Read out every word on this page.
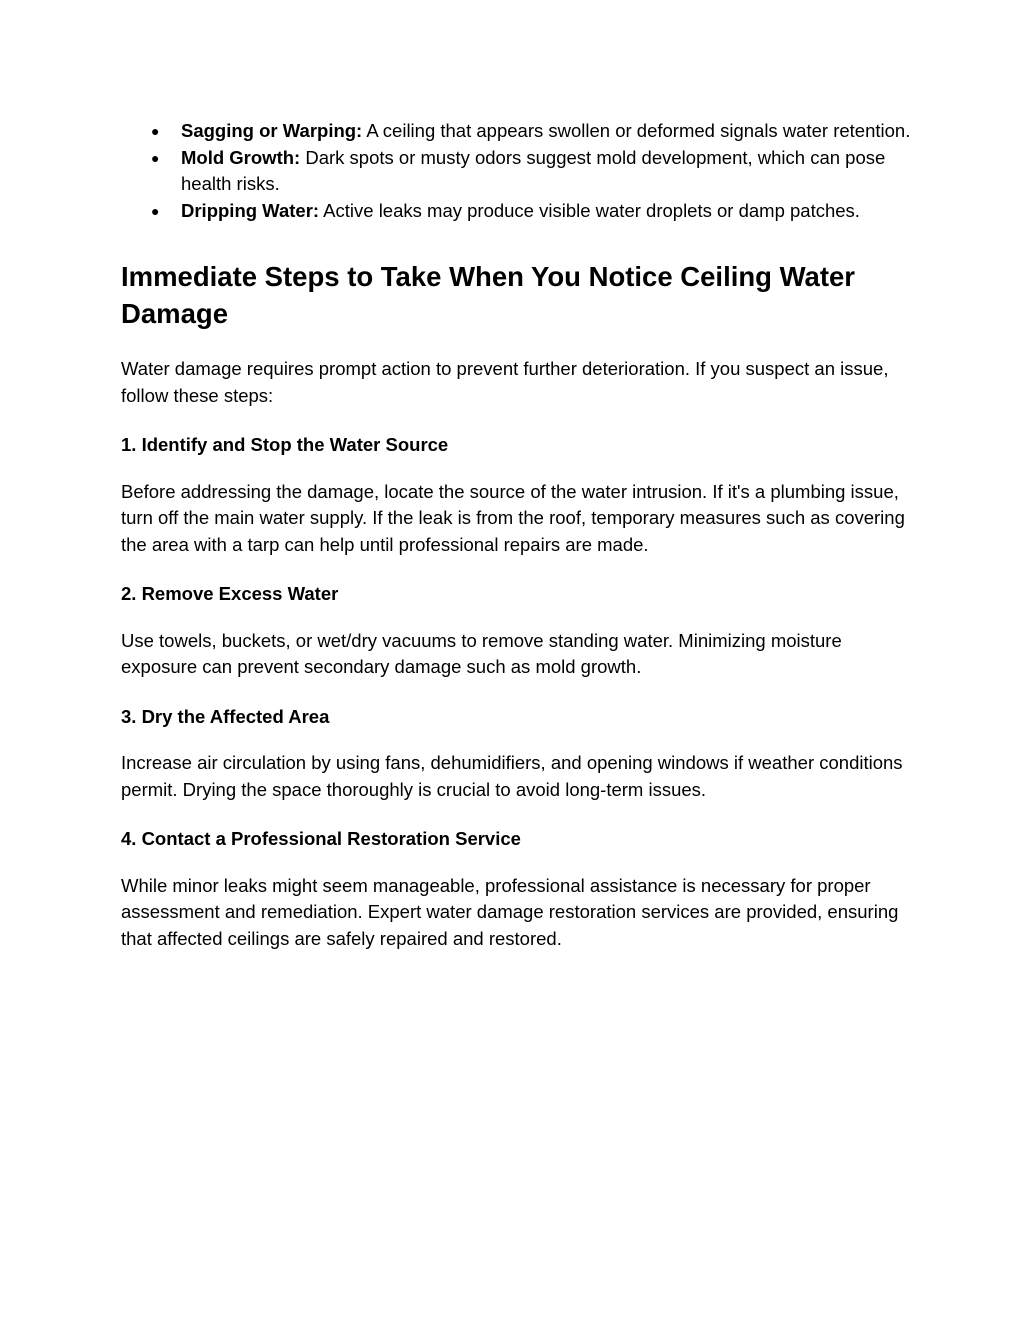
● Sagging or Warping: A ceiling that appears swollen or deformed signals water retention.
● Mold Growth: Dark spots or musty odors suggest mold development, which can pose health risks.
● Dripping Water: Active leaks may produce visible water droplets or damp patches.
Immediate Steps to Take When You Notice Ceiling Water Damage

Water damage requires prompt action to prevent further deterioration. If you suspect an issue, follow these steps:

1. Identify and Stop the Water Source

Before addressing the damage, locate the source of the water intrusion. If it's a plumbing issue, turn off the main water supply. If the leak is from the roof, temporary measures such as covering the area with a tarp can help until professional repairs are made.

2. Remove Excess Water

Use towels, buckets, or wet/dry vacuums to remove standing water. Minimizing moisture exposure can prevent secondary damage such as mold growth.

3. Dry the Affected Area

Increase air circulation by using fans, dehumidifiers, and opening windows if weather conditions permit. Drying the space thoroughly is crucial to avoid long-term issues.

4. Contact a Professional Restoration Service

While minor leaks might seem manageable, professional assistance is necessary for proper assessment and remediation. Expert water damage restoration services are provided, ensuring that affected ceilings are safely repaired and restored.
